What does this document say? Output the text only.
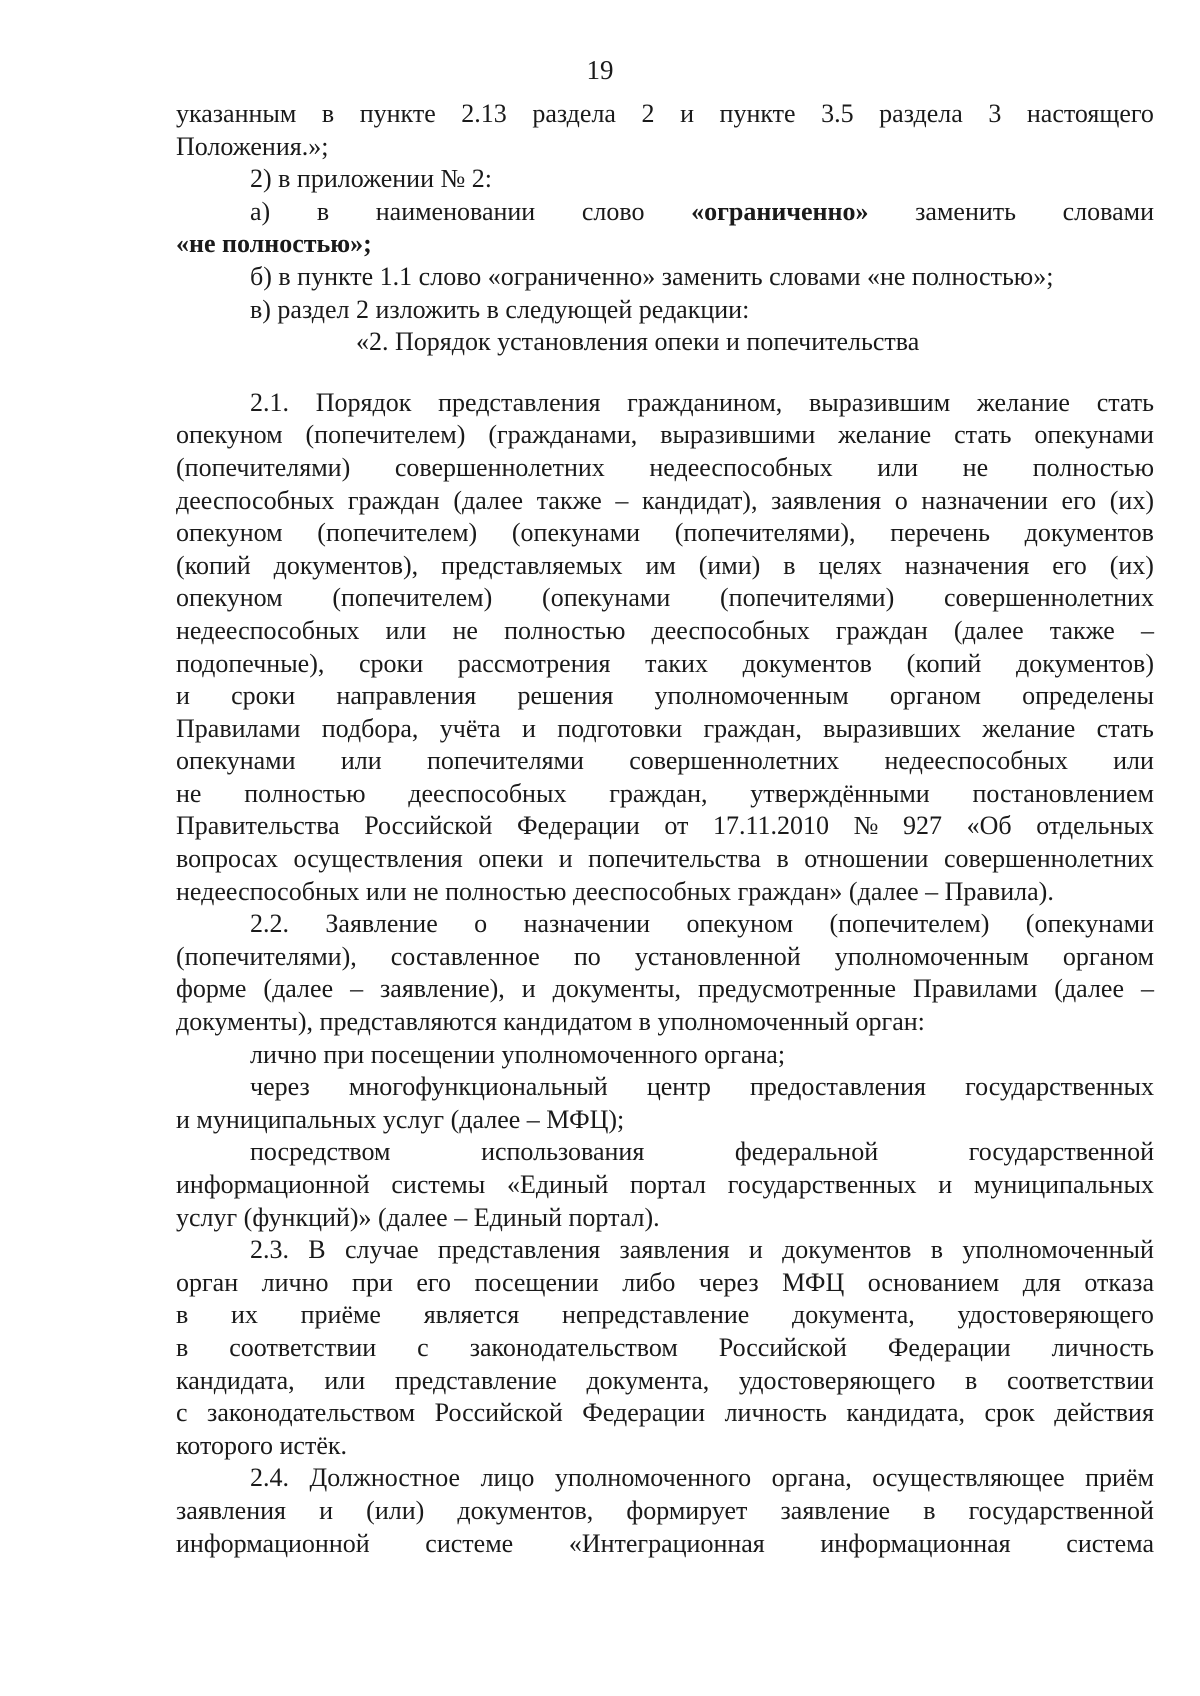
19
указанным в пункте 2.13 раздела 2 и пункте 3.5 раздела 3 настоящего
Положения.»;
2) в приложении № 2:
а) в наименовании слово «ограниченно» заменить словами
«не полностью»;
б) в пункте 1.1 слово «ограниченно» заменить словами «не полностью»;
в) раздел 2 изложить в следующей редакции:
«2. Порядок установления опеки и попечительства
2.1. Порядок представления гражданином, выразившим желание стать
опекуном (попечителем) (гражданами, выразившими желание стать опекунами
(попечителями) совершеннолетних недееспособных или не полностью
дееспособных граждан (далее также – кандидат), заявления о назначении его (их)
опекуном (попечителем) (опекунами (попечителями), перечень документов
(копий документов), представляемых им (ими) в целях назначения его (их)
опекуном (попечителем) (опекунами (попечителями) совершеннолетних
недееспособных или не полностью дееспособных граждан (далее также –
подопечные), сроки рассмотрения таких документов (копий документов)
и сроки направления решения уполномоченным органом определены
Правилами подбора, учёта и подготовки граждан, выразивших желание стать
опекунами или попечителями совершеннолетних недееспособных или
не полностью дееспособных граждан, утверждёнными постановлением
Правительства Российской Федерации от 17.11.2010 № 927 «Об отдельных
вопросах осуществления опеки и попечительства в отношении совершеннолетних
недееспособных или не полностью дееспособных граждан» (далее – Правила).
2.2. Заявление о назначении опекуном (попечителем) (опекунами
(попечителями), составленное по установленной уполномоченным органом
форме (далее – заявление), и документы, предусмотренные Правилами (далее –
документы), представляются кандидатом в уполномоченный орган:
лично при посещении уполномоченного органа;
через многофункциональный центр предоставления государственных
и муниципальных услуг (далее – МФЦ);
посредством	использования	федеральной	государственной
информационной системы «Единый портал государственных и муниципальных
услуг (функций)» (далее – Единый портал).
2.3. В случае представления заявления и документов в уполномоченный
орган лично при его посещении либо через МФЦ основанием для отказа
в их приёме является непредставление документа, удостоверяющего
в соответствии с законодательством Российской Федерации личность
кандидата, или представление документа, удостоверяющего в соответствии
с законодательством Российской Федерации личность кандидата, срок действия
которого истёк.
2.4. Должностное лицо уполномоченного органа, осуществляющее приём
заявления и (или) документов, формирует заявление в государственной
информационной системе «Интеграционная информационная система
